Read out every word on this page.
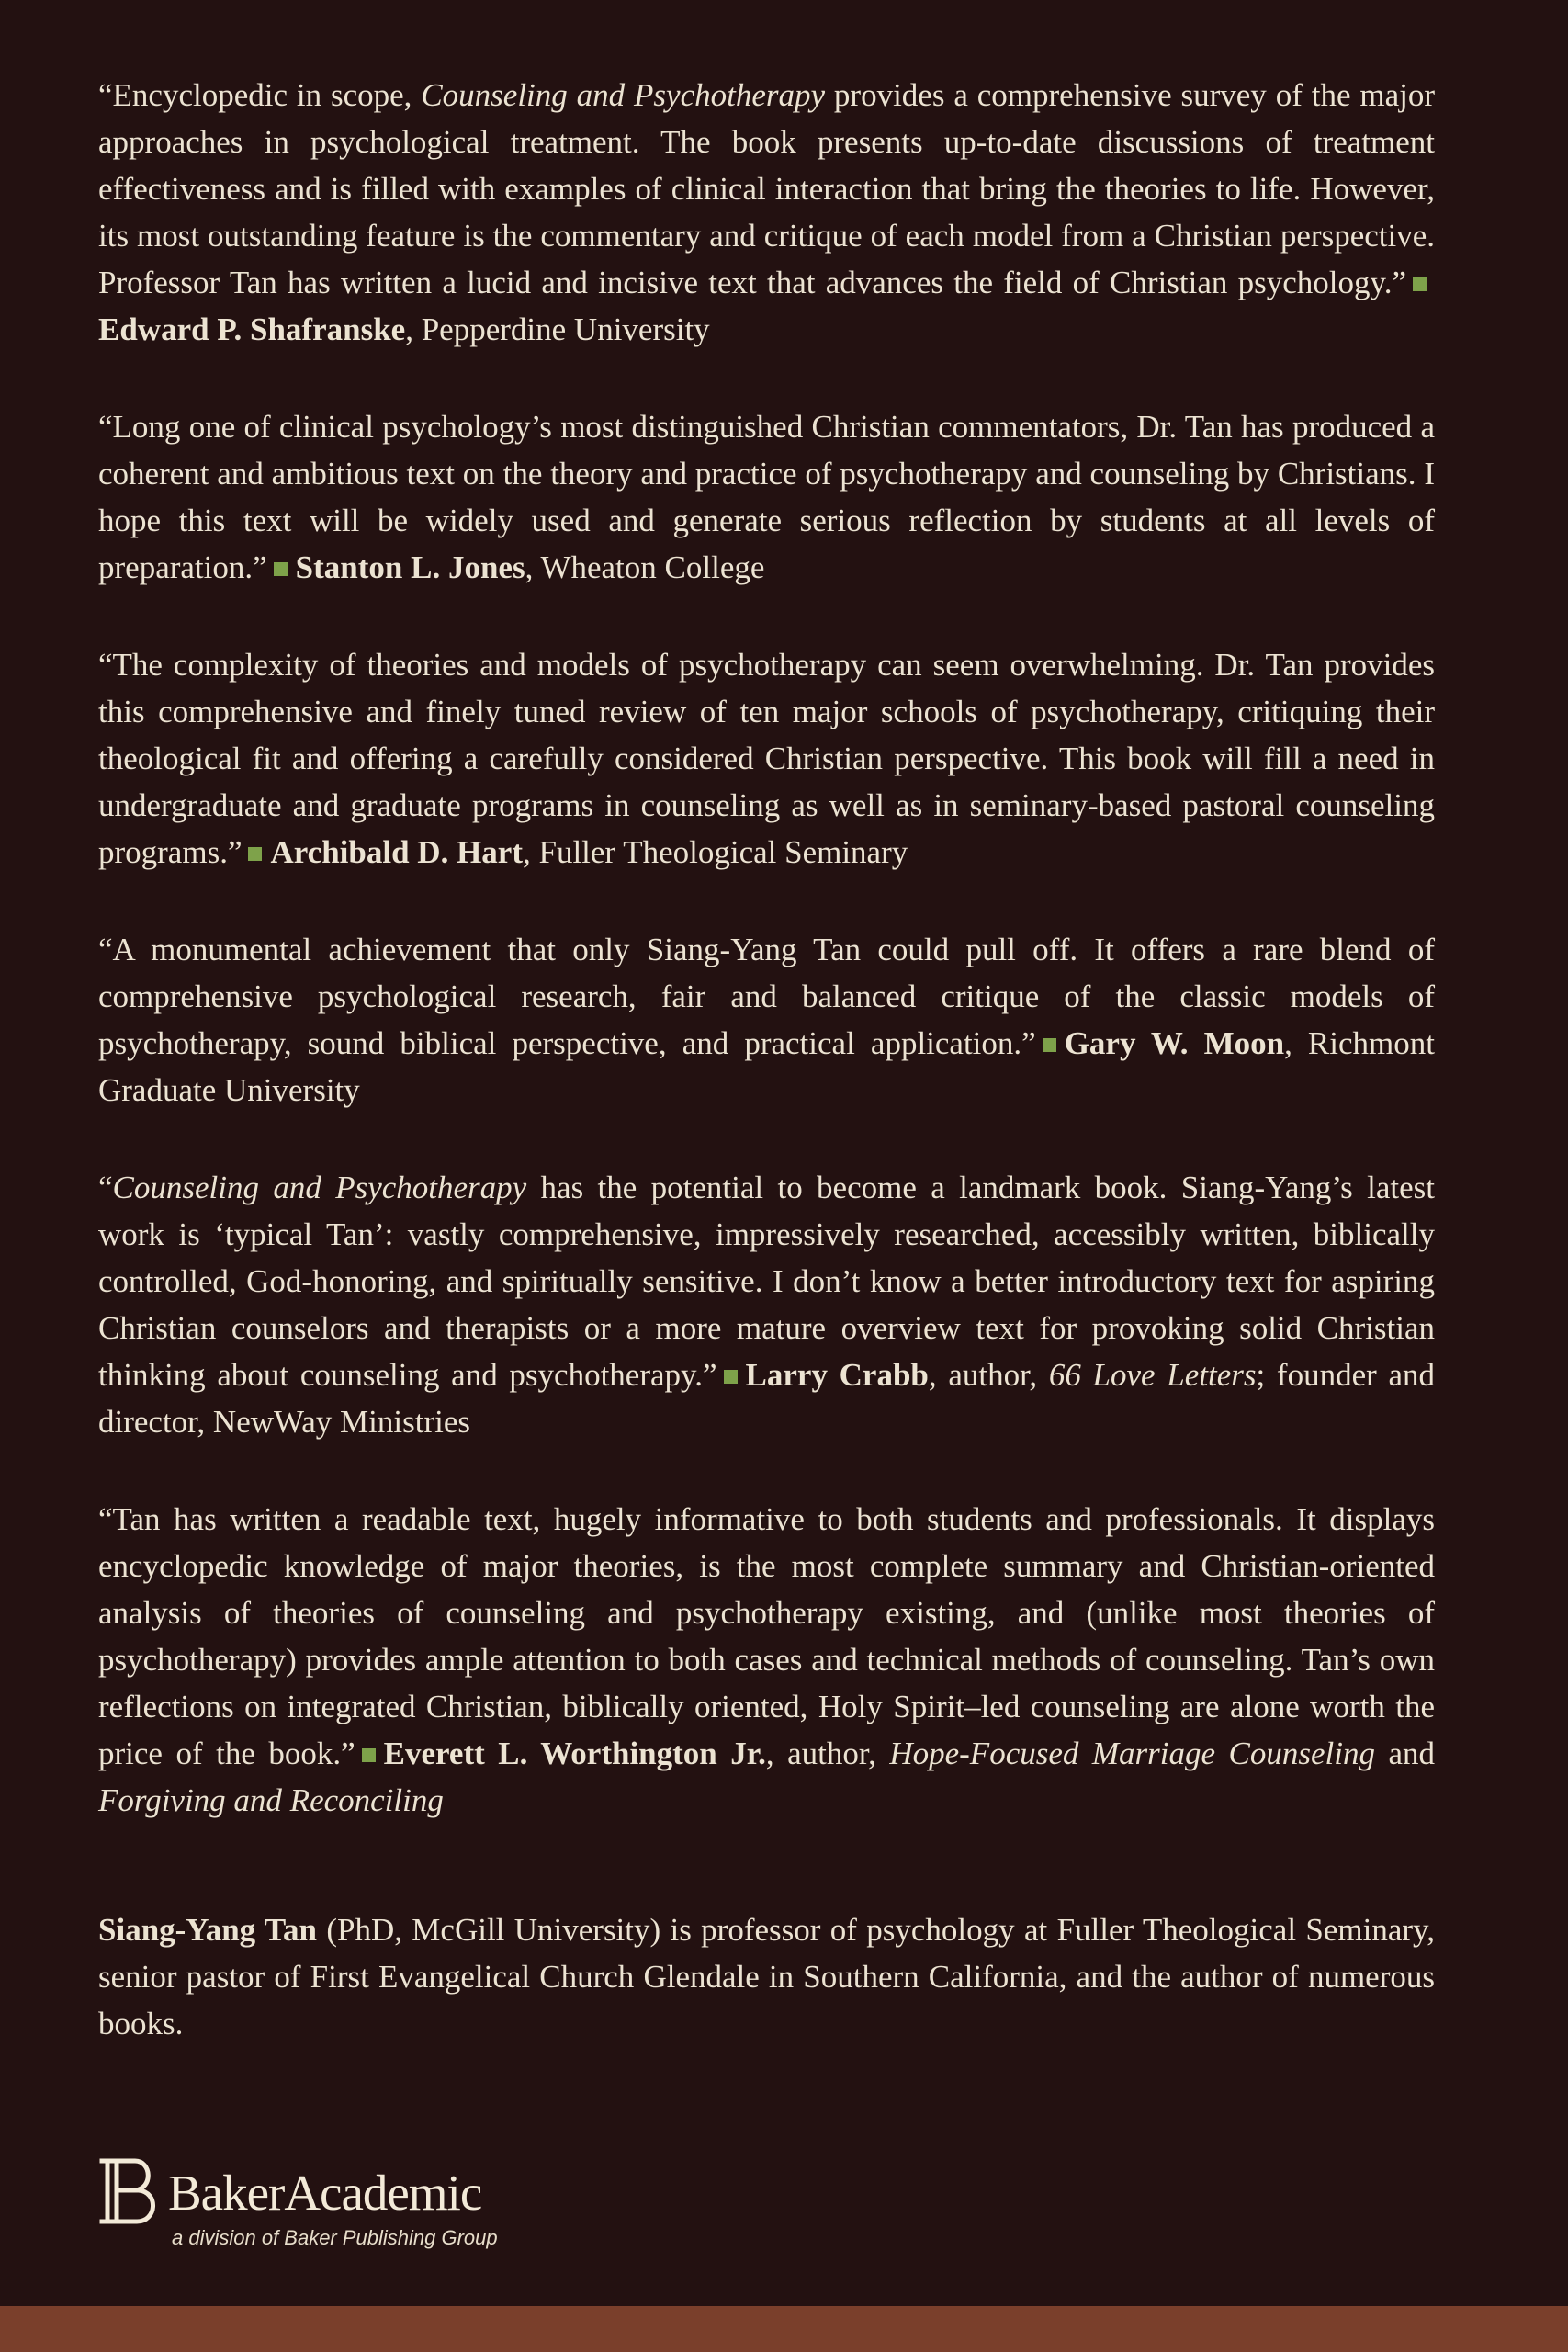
“Encyclopedic in scope, Counseling and Psychotherapy provides a comprehensive survey of the major approaches in psychological treatment. The book presents up-to-date discussions of treatment effectiveness and is filled with examples of clinical interaction that bring the theories to life. However, its most outstanding feature is the commentary and critique of each model from a Christian perspective. Professor Tan has written a lucid and incisive text that advances the field of Christian psychology.”Edward P. Shafranske, Pepperdine University

“Long one of clinical psychology’s most distinguished Christian commentators, Dr. Tan has produced a coherent and ambitious text on the theory and practice of psychotherapy and counseling by Christians. I hope this text will be widely used and generate serious reflection by students at all levels of preparation.” Stanton L. Jones, Wheaton College

“The complexity of theories and models of psychotherapy can seem overwhelming. Dr. Tan provides this comprehensive and finely tuned review of ten major schools of psychotherapy, critiquing their theological fit and offering a carefully considered Christian perspective. This book will fill a need in undergraduate and graduate programs in counseling as well as in seminary-based pastoral counseling programs.” Archibald D. Hart, Fuller Theological Seminary

“A monumental achievement that only Siang-Yang Tan could pull off. It offers a rare blend of comprehensive psychological research, fair and balanced critique of the classic models of psychotherapy, sound biblical perspective, and practical application.” Gary W. Moon, Richmont Graduate University

“Counseling and Psychotherapy has the potential to become a landmark book. Siang-Yang’s latest work is ‘typical Tan’: vastly comprehensive, impressively researched, accessibly written, biblically controlled, God-honoring, and spiritually sensitive. I don’t know a better introductory text for aspiring Christian counselors and therapists or a more mature overview text for provoking solid Christian thinking about counseling and psychotherapy.” Larry Crabb, author, 66 Love Letters; founder and director, NewWay Ministries

“Tan has written a readable text, hugely informative to both students and professionals. It displays encyclopedic knowledge of major theories, is the most complete summary and Christian-oriented analysis of theories of counseling and psychotherapy existing, and (unlike most theories of psychotherapy) provides ample attention to both cases and technical methods of counseling. Tan’s own reflections on integrated Christian, biblically oriented, Holy Spirit–led counseling are alone worth the price of the book.” Everett L. Worthington Jr., author, Hope-Focused Marriage Counseling and Forgiving and Reconciling

Siang-Yang Tan (PhD, McGill University) is professor of psychology at Fuller Theological Seminary, senior pastor of First Evangelical Church Glendale in Southern California, and the author of numerous books.

BakerAcademic
a division of Baker Publishing Group
